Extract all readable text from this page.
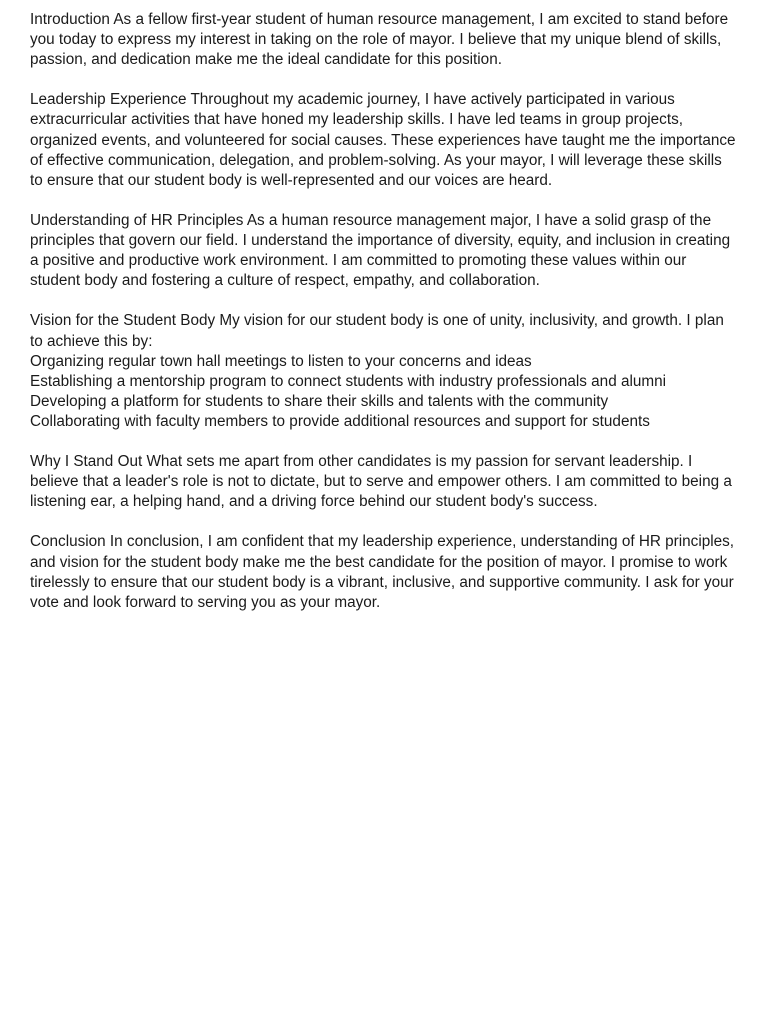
Introduction As a fellow first-year student of human resource management, I am excited to stand before you today to express my interest in taking on the role of mayor. I believe that my unique blend of skills, passion, and dedication make me the ideal candidate for this position.

Leadership Experience Throughout my academic journey, I have actively participated in various extracurricular activities that have honed my leadership skills. I have led teams in group projects, organized events, and volunteered for social causes. These experiences have taught me the importance of effective communication, delegation, and problem-solving. As your mayor, I will leverage these skills to ensure that our student body is well-represented and our voices are heard.

Understanding of HR Principles As a human resource management major, I have a solid grasp of the principles that govern our field. I understand the importance of diversity, equity, and inclusion in creating a positive and productive work environment. I am committed to promoting these values within our student body and fostering a culture of respect, empathy, and collaboration.

Vision for the Student Body My vision for our student body is one of unity, inclusivity, and growth. I plan to achieve this by:
Organizing regular town hall meetings to listen to your concerns and ideas
Establishing a mentorship program to connect students with industry professionals and alumni
Developing a platform for students to share their skills and talents with the community
Collaborating with faculty members to provide additional resources and support for students

Why I Stand Out What sets me apart from other candidates is my passion for servant leadership. I believe that a leader's role is not to dictate, but to serve and empower others. I am committed to being a listening ear, a helping hand, and a driving force behind our student body's success.

Conclusion In conclusion, I am confident that my leadership experience, understanding of HR principles, and vision for the student body make me the best candidate for the position of mayor. I promise to work tirelessly to ensure that our student body is a vibrant, inclusive, and supportive community. I ask for your vote and look forward to serving you as your mayor.
